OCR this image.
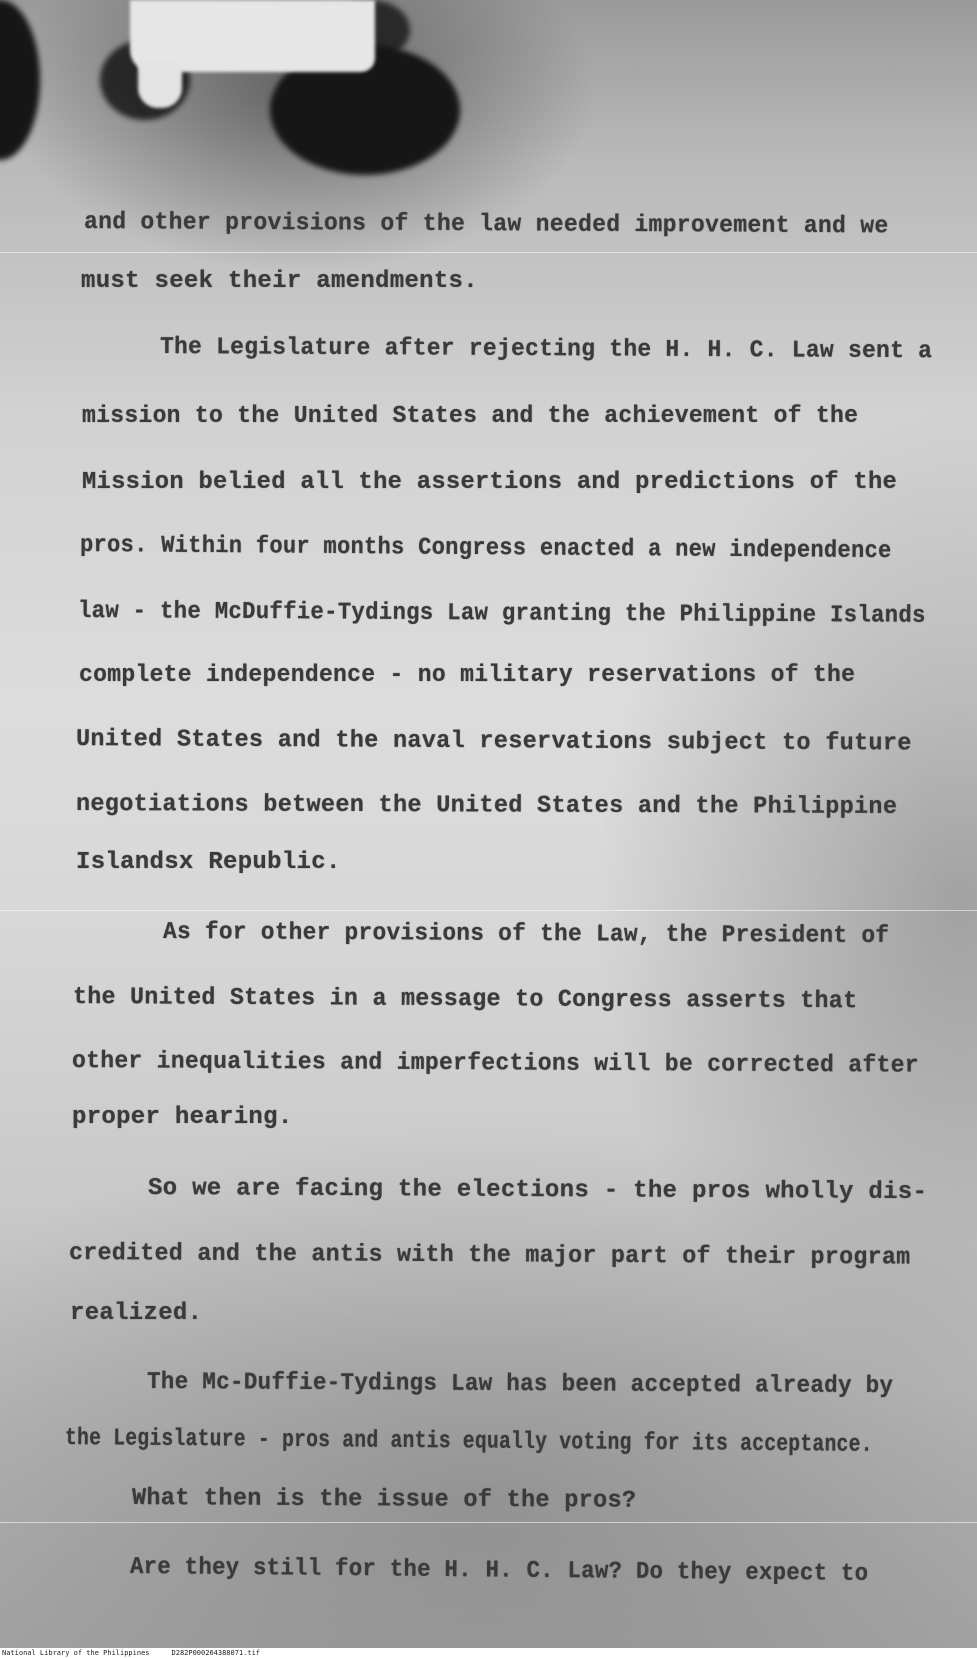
and other provisions of the law needed improvement and we

must seek their amendments.

The Legislature after rejecting the H. H. C. Law sent a

mission to the United States and the achievement of the

Mission belied all the assertions and predictions of the

pros. Within four months Congress enacted a new independence

law - the McDuffie-Tydings Law granting the Philippine Islands

complete independence - no military reservations of the

United States and the naval reservations subject to future

negotiations between the United States and the Philippine

Islandsx Republic.

As for other provisions of the Law, the President of

the United States in a message to Congress asserts that

other inequalities and imperfections will be corrected after

proper hearing.

So we are facing the elections - the pros wholly dis-

credited and the antis with the major part of their program

realized.

The Mc-Duffie-Tydings Law has been accepted already by

the Legislature - pros and antis equally voting for its acceptance.

What then is the issue of the pros?

Are they still for the H. H. C. Law? Do they expect to

National Library of the Philippines	D282P000264388071.tif
